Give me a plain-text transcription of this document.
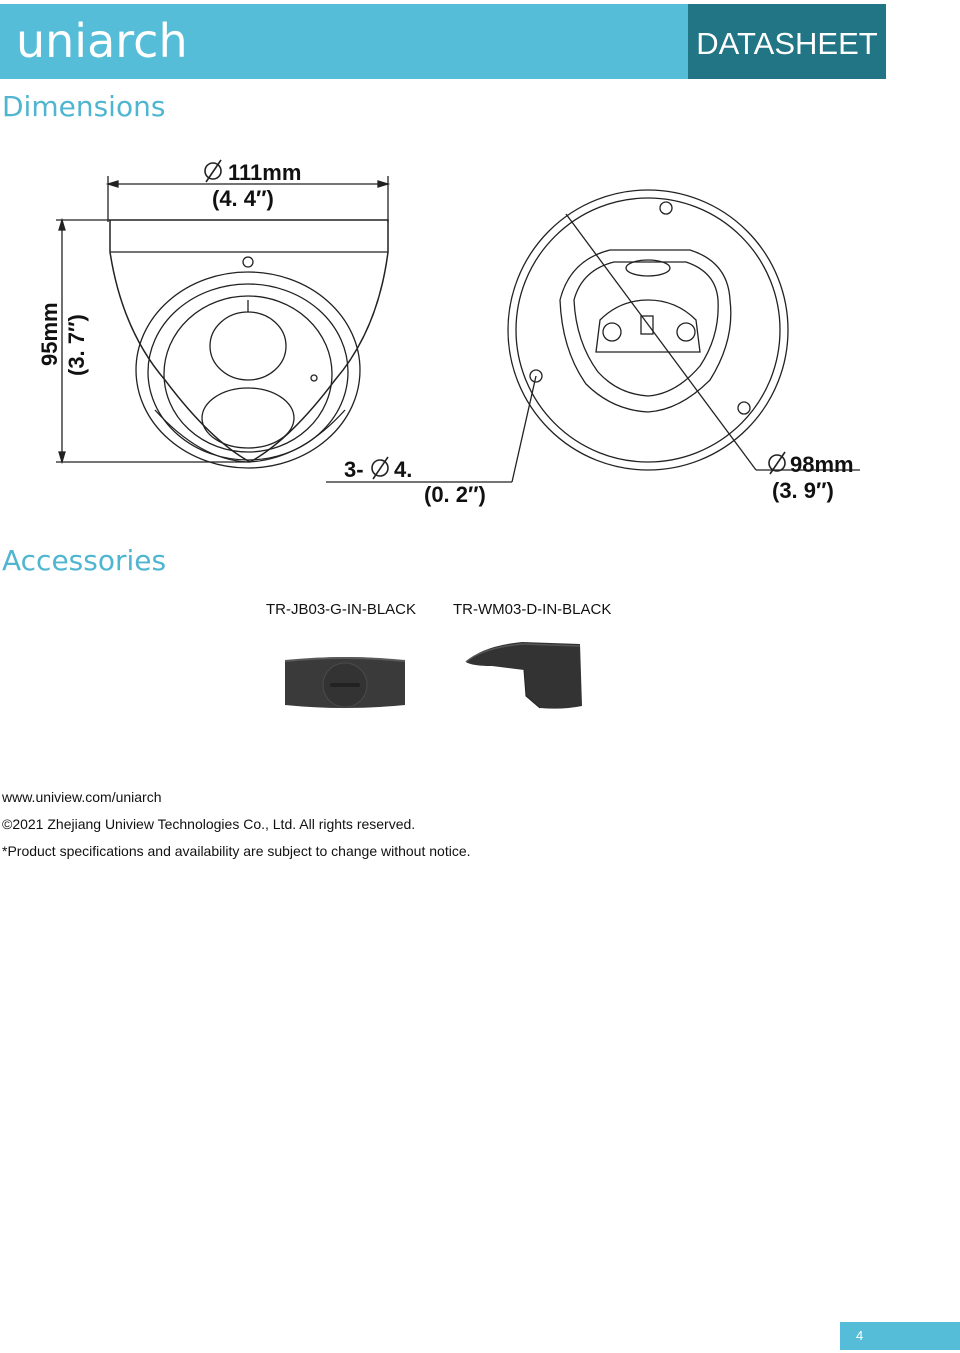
uniarch	DATASHEET
Dimensions
111mm
(4. 4″)
95mm (3. 7″)
3- 4.
(0. 2″)
98mm
(3. 9″)
Accessories
TR-JB03-G-IN-BLACK TR-WM03-D-IN-BLACK
www.uniview.com/uniarch
©2021 Zhejiang Uniview Technologies Co., Ltd. All rights reserved.
*Product specifications and availability are subject to change without notice.
4
